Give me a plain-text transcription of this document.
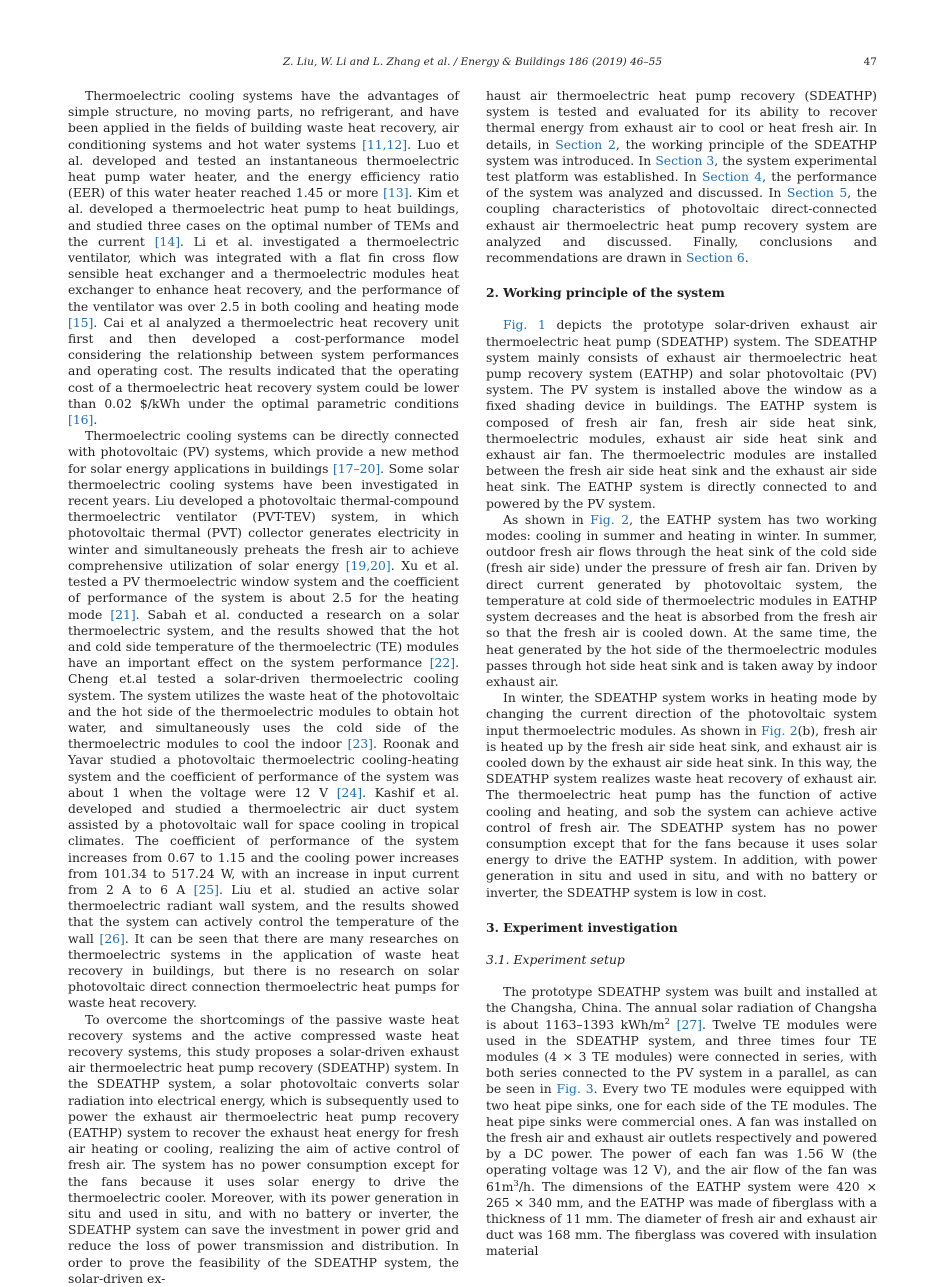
Z. Liu, W. Li and L. Zhang et al. / Energy & Buildings 186 (2019) 46–55	47

Thermoelectric cooling systems have the advantages of simple structure, no moving parts, no refrigerant, and have been applied in the fields of building waste heat recovery, air conditioning systems and hot water systems [11,12]. Luo et al. developed and tested an instantaneous thermoelectric heat pump water heater, and the energy efficiency ratio (EER) of this water heater reached 1.45 or more [13]. Kim et al. developed a thermoelectric heat pump to heat buildings, and studied three cases on the optimal number of TEMs and the current [14]. Li et al. investigated a thermoelectric ventilator, which was integrated with a flat fin cross flow sensible heat exchanger and a thermoelectric modules heat exchanger to enhance heat recovery, and the performance of the ventilator was over 2.5 in both cooling and heating mode [15]. Cai et al analyzed a thermoelectric heat recovery unit first and then developed a cost-performance model considering the relationship between system performances and operating cost. The results indicated that the operating cost of a thermoelectric heat recovery system could be lower than 0.02 $/kWh under the optimal parametric conditions [16].

Thermoelectric cooling systems can be directly connected with photovoltaic (PV) systems, which provide a new method for solar energy applications in buildings [17–20]. Some solar thermoelectric cooling systems have been investigated in recent years. Liu developed a photovoltaic thermal-compound thermoelectric ventilator (PVT-TEV) system, in which photovoltaic thermal (PVT) collector generates electricity in winter and simultaneously preheats the fresh air to achieve comprehensive utilization of solar energy [19,20]. Xu et al. tested a PV thermoelectric window system and the coefficient of performance of the system is about 2.5 for the heating mode [21]. Sabah et al. conducted a research on a solar thermoelectric system, and the results showed that the hot and cold side temperature of the thermoelectric (TE) modules have an important effect on the system performance [22]. Cheng et.al tested a solar-driven thermoelectric cooling system. The system utilizes the waste heat of the photovoltaic and the hot side of the thermoelectric modules to obtain hot water, and simultaneously uses the cold side of the thermoelectric modules to cool the indoor [23]. Roonak and Yavar studied a photovoltaic thermoelectric cooling-heating system and the coefficient of performance of the system was about 1 when the voltage were 12 V [24]. Kashif et al. developed and studied a thermoelectric air duct system assisted by a photovoltaic wall for space cooling in tropical climates. The coefficient of performance of the system increases from 0.67 to 1.15 and the cooling power increases from 101.34 to 517.24 W, with an increase in input current from 2 A to 6 A [25]. Liu et al. studied an active solar thermoelectric radiant wall system, and the results showed that the system can actively control the temperature of the wall [26]. It can be seen that there are many researches on thermoelectric systems in the application of waste heat recovery in buildings, but there is no research on solar photovoltaic direct connection thermoelectric heat pumps for waste heat recovery.

To overcome the shortcomings of the passive waste heat recovery systems and the active compressed waste heat recovery systems, this study proposes a solar-driven exhaust air thermoelectric heat pump recovery (SDEATHP) system. In the SDEATHP system, a solar photovoltaic converts solar radiation into electrical energy, which is subsequently used to power the exhaust air thermoelectric heat pump recovery (EATHP) system to recover the exhaust heat energy for fresh air heating or cooling, realizing the aim of active control of fresh air. The system has no power consumption except for the fans because it uses solar energy to drive the thermoelectric cooler. Moreover, with its power generation in situ and used in situ, and with no battery or inverter, the SDEATHP system can save the investment in power grid and reduce the loss of power transmission and distribution. In order to prove the feasibility of the SDEATHP system, the solar-driven ex-

haust air thermoelectric heat pump recovery (SDEATHP) system is tested and evaluated for its ability to recover thermal energy from exhaust air to cool or heat fresh air. In details, in Section 2, the working principle of the SDEATHP system was introduced. In Section 3, the system experimental test platform was established. In Section 4, the performance of the system was analyzed and discussed. In Section 5, the coupling characteristics of photovoltaic direct-connected exhaust air thermoelectric heat pump recovery system are analyzed and discussed. Finally, conclusions and recommendations are drawn in Section 6.

2. Working principle of the system

Fig. 1 depicts the prototype solar-driven exhaust air thermoelectric heat pump (SDEATHP) system. The SDEATHP system mainly consists of exhaust air thermoelectric heat pump recovery system (EATHP) and solar photovoltaic (PV) system. The PV system is installed above the window as a fixed shading device in buildings. The EATHP system is composed of fresh air fan, fresh air side heat sink, thermoelectric modules, exhaust air side heat sink and exhaust air fan. The thermoelectric modules are installed between the fresh air side heat sink and the exhaust air side heat sink. The EATHP system is directly connected to and powered by the PV system.

As shown in Fig. 2, the EATHP system has two working modes: cooling in summer and heating in winter. In summer, outdoor fresh air flows through the heat sink of the cold side (fresh air side) under the pressure of fresh air fan. Driven by direct current generated by photovoltaic system, the temperature at cold side of thermoelectric modules in EATHP system decreases and the heat is absorbed from the fresh air so that the fresh air is cooled down. At the same time, the heat generated by the hot side of the thermoelectric modules passes through hot side heat sink and is taken away by indoor exhaust air.

In winter, the SDEATHP system works in heating mode by changing the current direction of the photovoltaic system input thermoelectric modules. As shown in Fig. 2(b), fresh air is heated up by the fresh air side heat sink, and exhaust air is cooled down by the exhaust air side heat sink. In this way, the SDEATHP system realizes waste heat recovery of exhaust air. The thermoelectric heat pump has the function of active cooling and heating, and sob the system can achieve active control of fresh air. The SDEATHP system has no power consumption except that for the fans because it uses solar energy to drive the EATHP system. In addition, with power generation in situ and used in situ, and with no battery or inverter, the SDEATHP system is low in cost.

3. Experiment investigation
3.1. Experiment setup

The prototype SDEATHP system was built and installed at the Changsha, China. The annual solar radiation of Changsha is about 1163–1393 kWh/$m^2$ [27]. Twelve TE modules were used in the SDEATHP system, and three times four TE modules (4 × 3 TE modules) were connected in series, with both series connected to the PV system in a parallel, as can be seen in Fig. 3. Every two TE modules were equipped with two heat pipe sinks, one for each side of the TE modules. The heat pipe sinks were commercial ones. A fan was installed on the fresh air and exhaust air outlets respectively and powered by a DC power. The power of each fan was 1.56 W (the operating voltage was 12 V), and the air flow of the fan was $61m^3/h$. The dimensions of the EATHP system were 420 × 265 × 340 mm, and the EATHP was made of fiberglass with a thickness of 11 mm. The diameter of fresh air and exhaust air duct was 168 mm. The fiberglass was covered with insulation material
